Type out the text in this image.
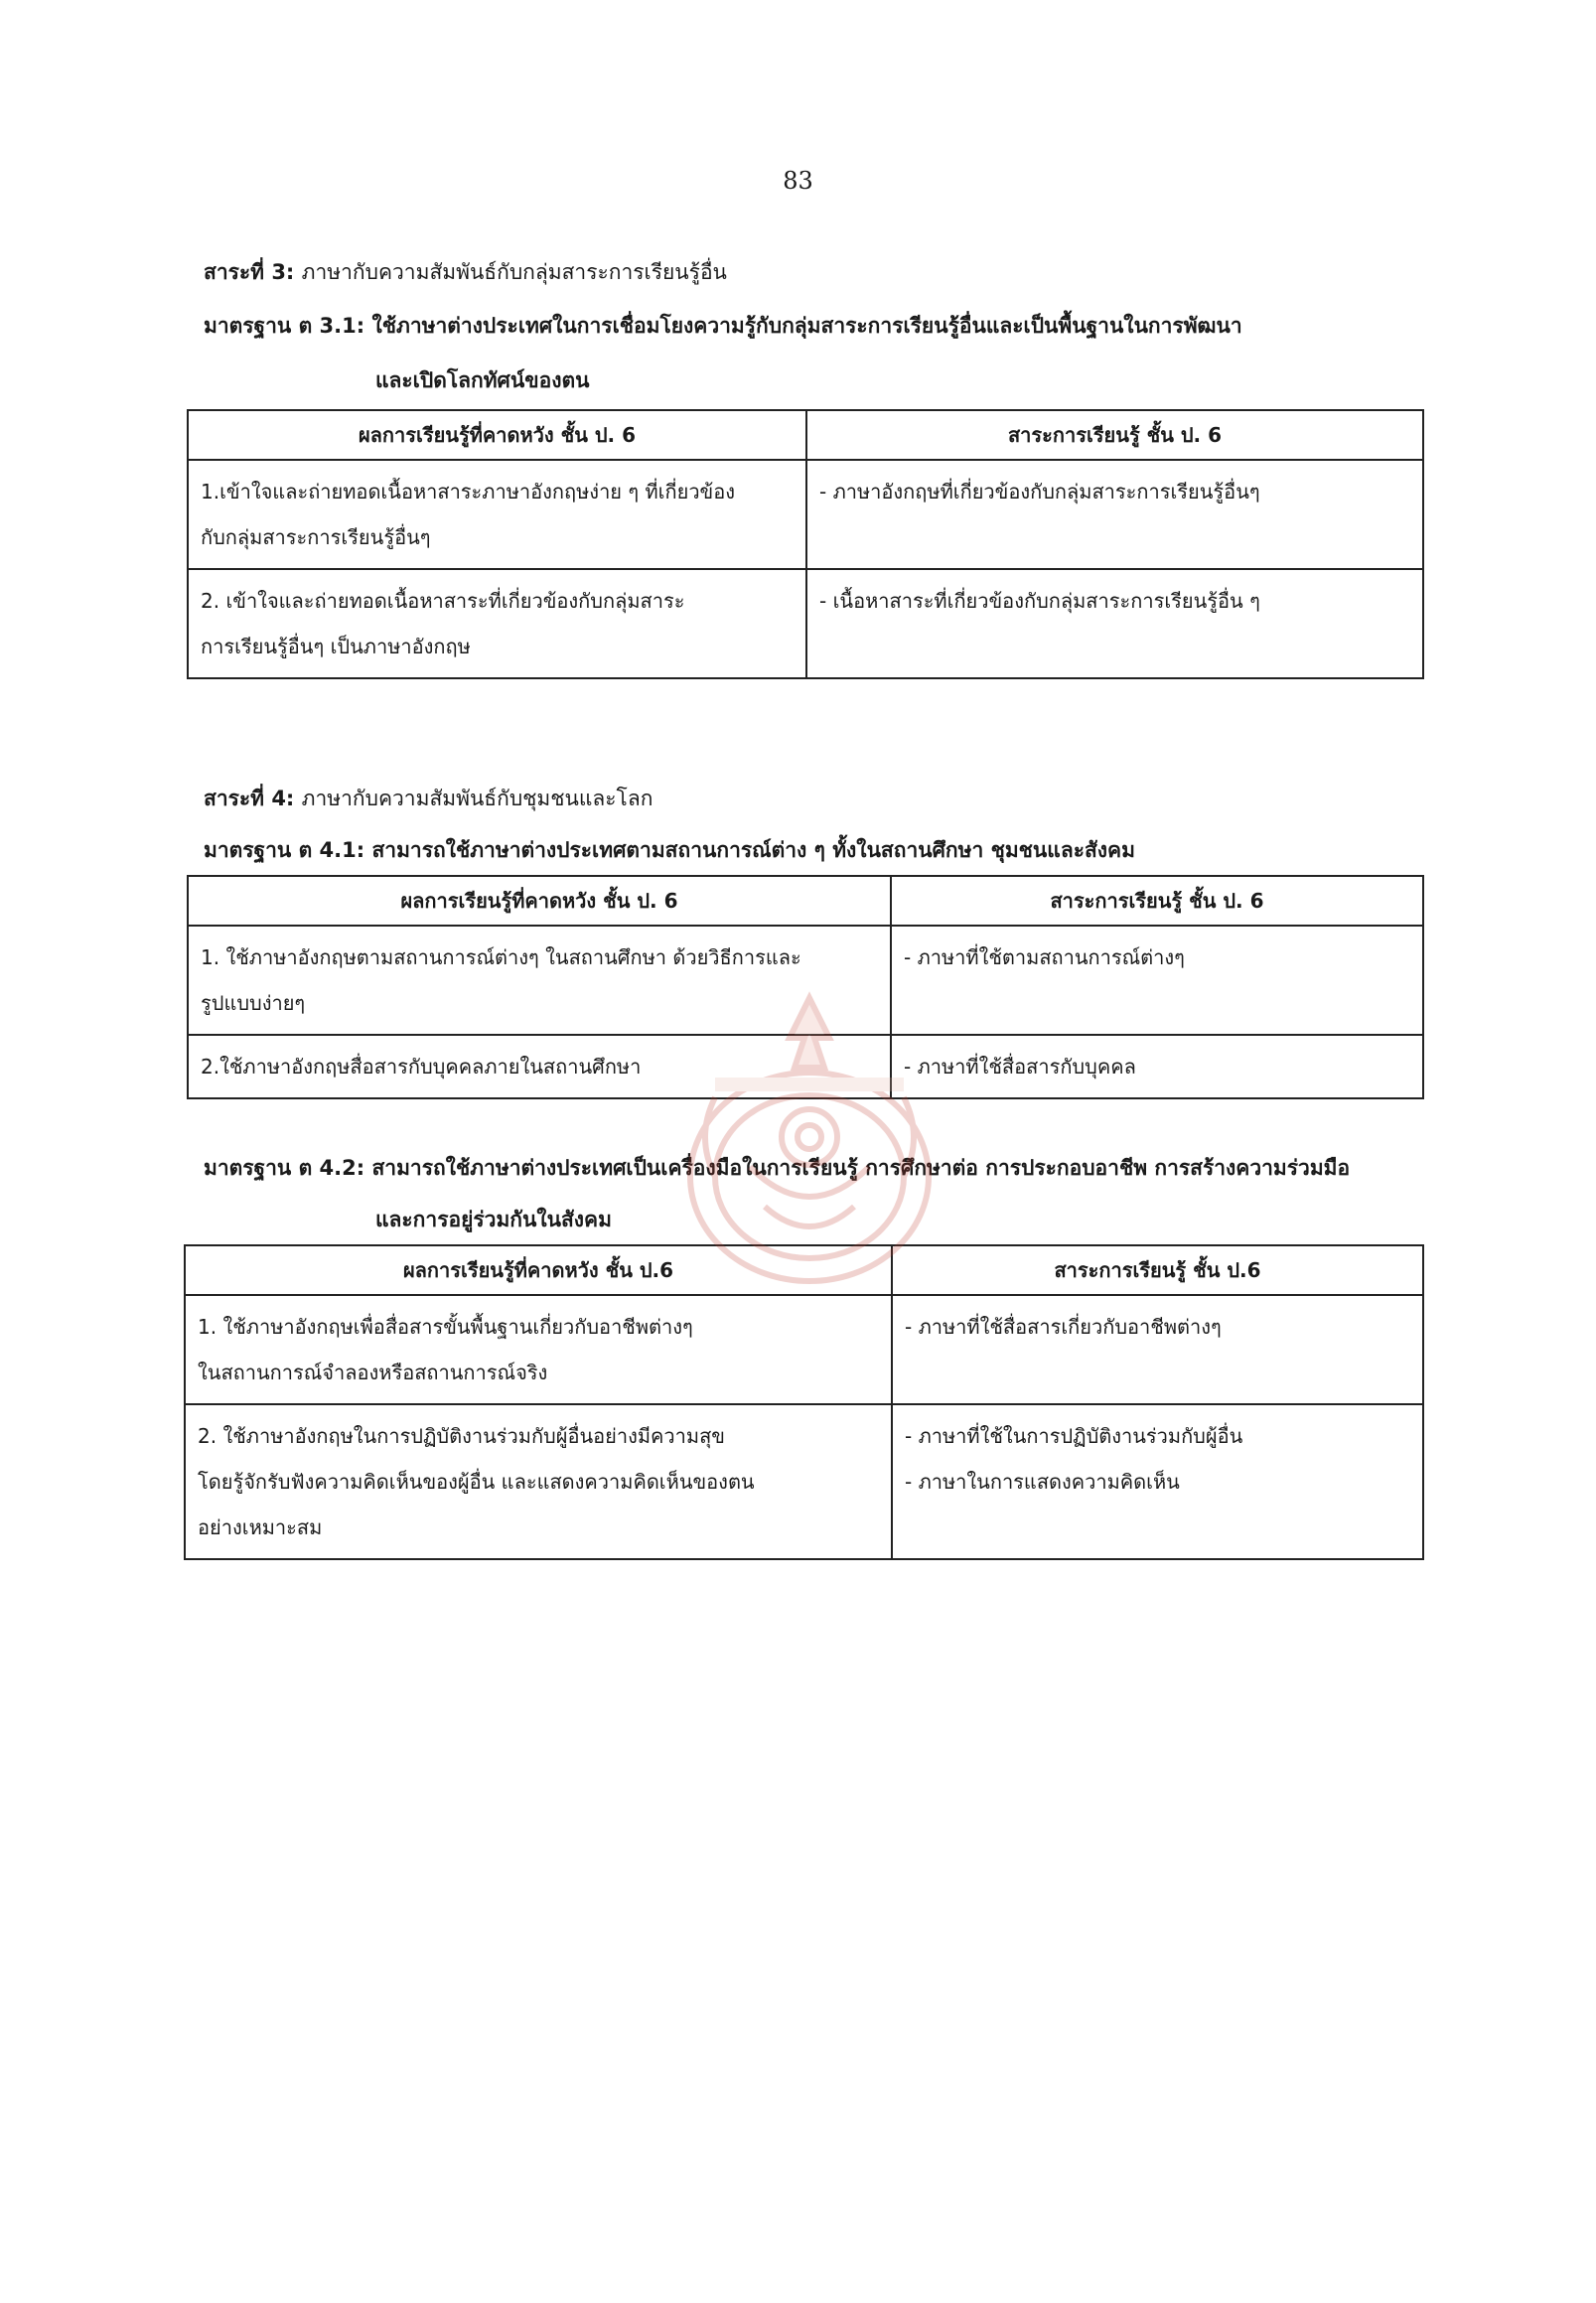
83
สาระที่ 3: ภาษากับความสัมพันธ์กับกลุ่มสาระการเรียนรู้อื่น
มาตรฐาน ต 3.1: ใช้ภาษาต่างประเทศในการเชื่อมโยงความรู้กับกลุ่มสาระการเรียนรู้อื่นและเป็นพื้นฐานในการพัฒนา
และเปิดโลกทัศน์ของตน
ผลการเรียนรู้ที่คาดหวัง ชั้น ป. 6	สาระการเรียนรู้ ชั้น ป. 6

1.เข้าใจและถ่ายทอดเนื้อหาสาระภาษาอังกฤษง่าย ๆ ที่เกี่ยวข้อง
กับกลุ่มสาระการเรียนรู้อื่นๆ	- ภาษาอังกฤษที่เกี่ยวข้องกับกลุ่มสาระการเรียนรู้อื่นๆ

2. เข้าใจและถ่ายทอดเนื้อหาสาระที่เกี่ยวข้องกับกลุ่มสาระ
การเรียนรู้อื่นๆ เป็นภาษาอังกฤษ	- เนื้อหาสาระที่เกี่ยวข้องกับกลุ่มสาระการเรียนรู้อื่น ๆ
สาระที่ 4: ภาษากับความสัมพันธ์กับชุมชนและโลก
มาตรฐาน ต 4.1: สามารถใช้ภาษาต่างประเทศตามสถานการณ์ต่าง ๆ ทั้งในสถานศึกษา ชุมชนและสังคม
ผลการเรียนรู้ที่คาดหวัง ชั้น ป. 6	สาระการเรียนรู้ ชั้น ป. 6

1. ใช้ภาษาอังกฤษตามสถานการณ์ต่างๆ ในสถานศึกษา ด้วยวิธีการและ
รูปแบบง่ายๆ	- ภาษาที่ใช้ตามสถานการณ์ต่างๆ

2.ใช้ภาษาอังกฤษสื่อสารกับบุคคลภายในสถานศึกษา	- ภาษาที่ใช้สื่อสารกับบุคคล
มาตรฐาน ต 4.2: สามารถใช้ภาษาต่างประเทศเป็นเครื่องมือในการเรียนรู้ การศึกษาต่อ การประกอบอาชีพ การสร้างความร่วมมือ
และการอยู่ร่วมกันในสังคม
ผลการเรียนรู้ที่คาดหวัง ชั้น ป.6	สาระการเรียนรู้ ชั้น ป.6

1. ใช้ภาษาอังกฤษเพื่อสื่อสารขั้นพื้นฐานเกี่ยวกับอาชีพต่างๆ
ในสถานการณ์จำลองหรือสถานการณ์จริง	- ภาษาที่ใช้สื่อสารเกี่ยวกับอาชีพต่างๆ

2. ใช้ภาษาอังกฤษในการปฏิบัติงานร่วมกับผู้อื่นอย่างมีความสุข
โดยรู้จักรับฟังความคิดเห็นของผู้อื่น และแสดงความคิดเห็นของตน
อย่างเหมาะสม	- ภาษาที่ใช้ในการปฏิบัติงานร่วมกับผู้อื่น
- ภาษาในการแสดงความคิดเห็น
